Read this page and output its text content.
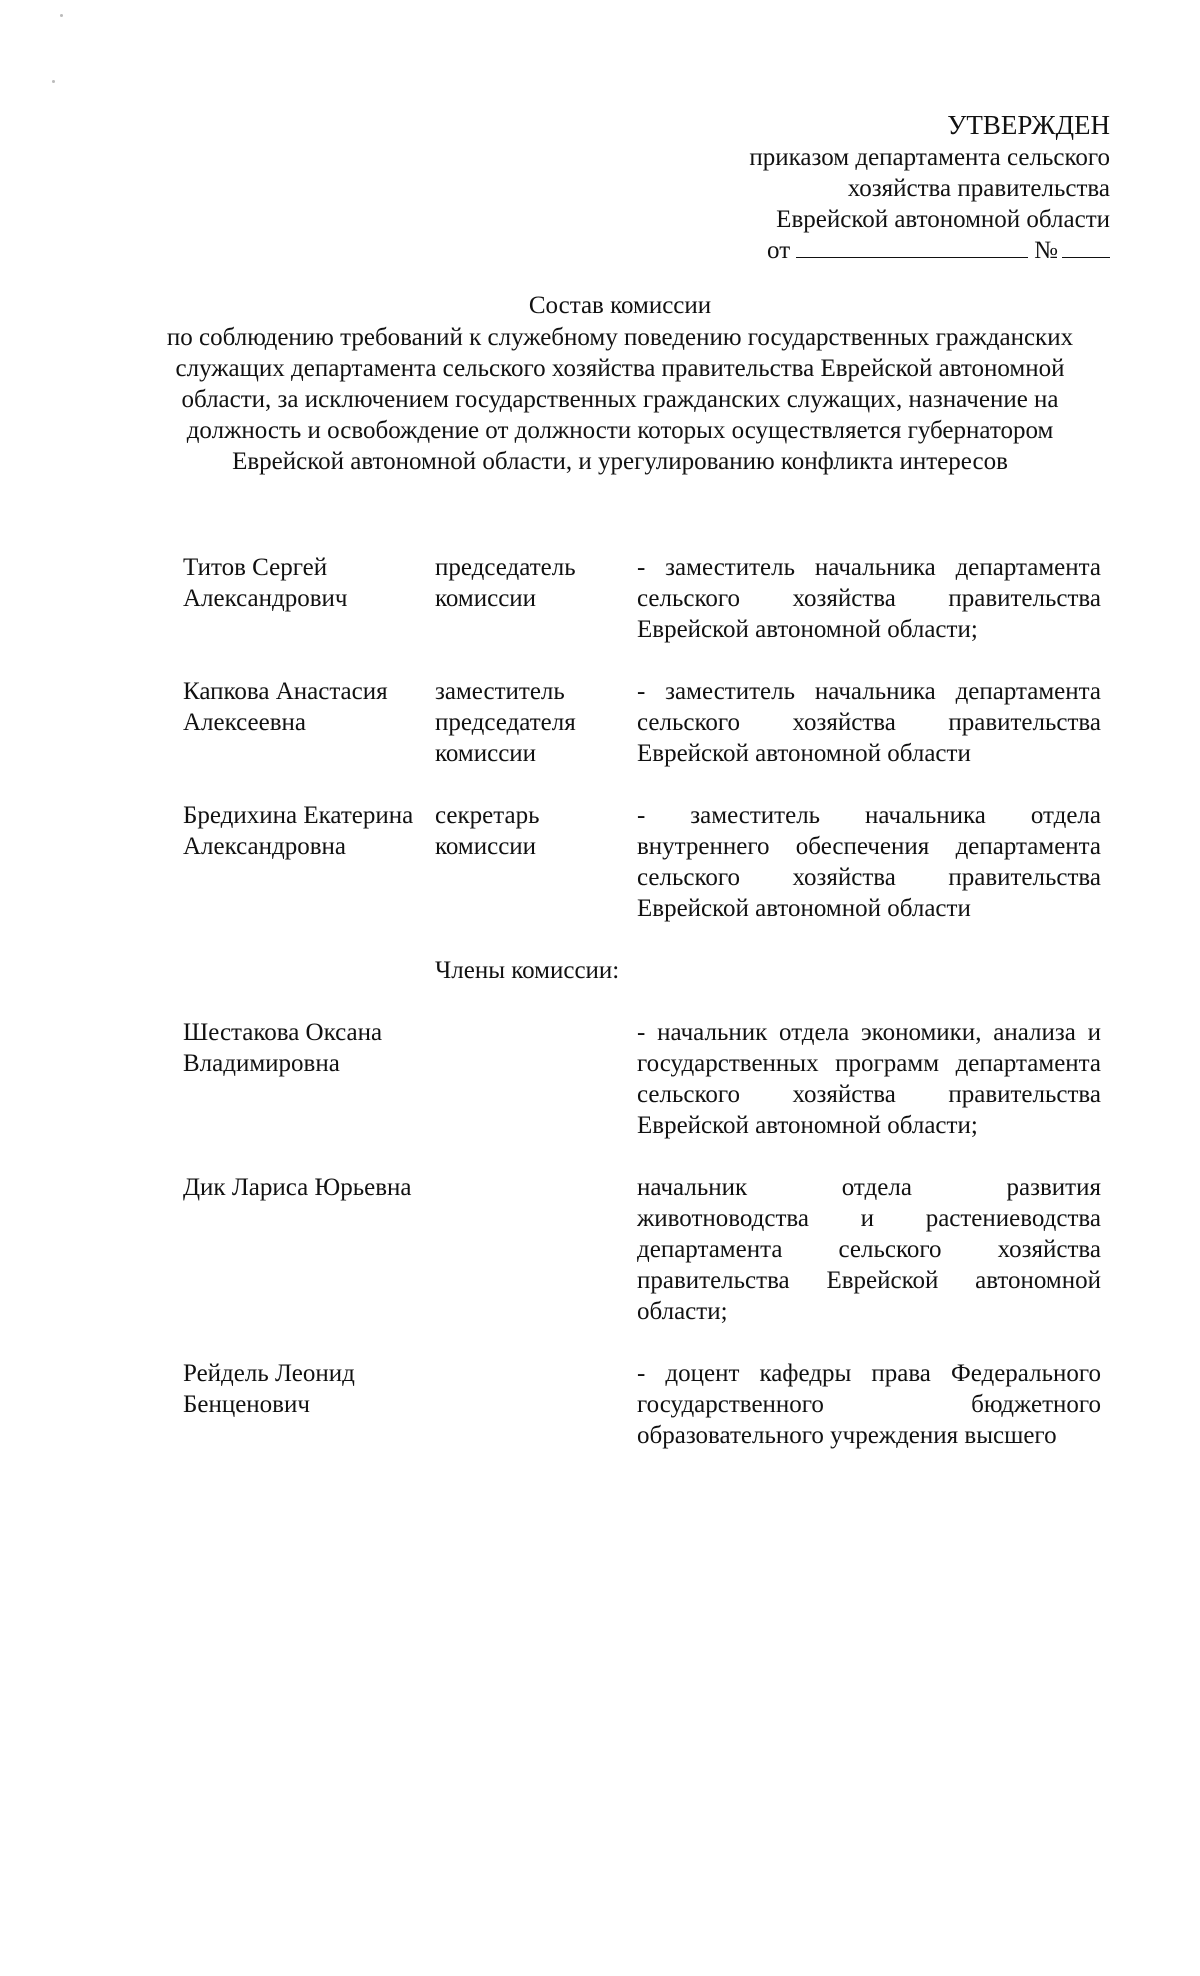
УТВЕРЖДЕН
приказом департамента сельского
хозяйства правительства
Еврейской автономной области
от	№
Состав комиссии
по соблюдению требований к служебному поведению государственных гражданских служащих департамента сельского хозяйства правительства Еврейской автономной области, за исключением государственных гражданских служащих, назначение на должность и освобождение от должности которых осуществляется губернатором Еврейской автономной области, и урегулированию конфликта интересов
Титов Сергей Александрович
председатель комиссии
- заместитель начальника департамента сельского хозяйства правительства Еврейской автономной области;
Капкова Анастасия Алексеевна
заместитель председателя комиссии
- заместитель начальника департамента сельского хозяйства правительства Еврейской автономной области
Бредихина Екатерина Александровна
секретарь комиссии
- заместитель начальника отдела внутреннего обеспечения департамента сельского хозяйства правительства Еврейской автономной области
Члены комиссии:
Шестакова Оксана Владимировна
- начальник отдела экономики, анализа и государственных программ департамента сельского хозяйства правительства Еврейской автономной области;
Дик Лариса Юрьевна	начальник отдела развития животноводства и растениеводства департамента сельского хозяйства правительства Еврейской автономной области;
Рейдель Леонид Бенценович
- доцент кафедры права Федерального государственного бюджетного образовательного учреждения высшего
